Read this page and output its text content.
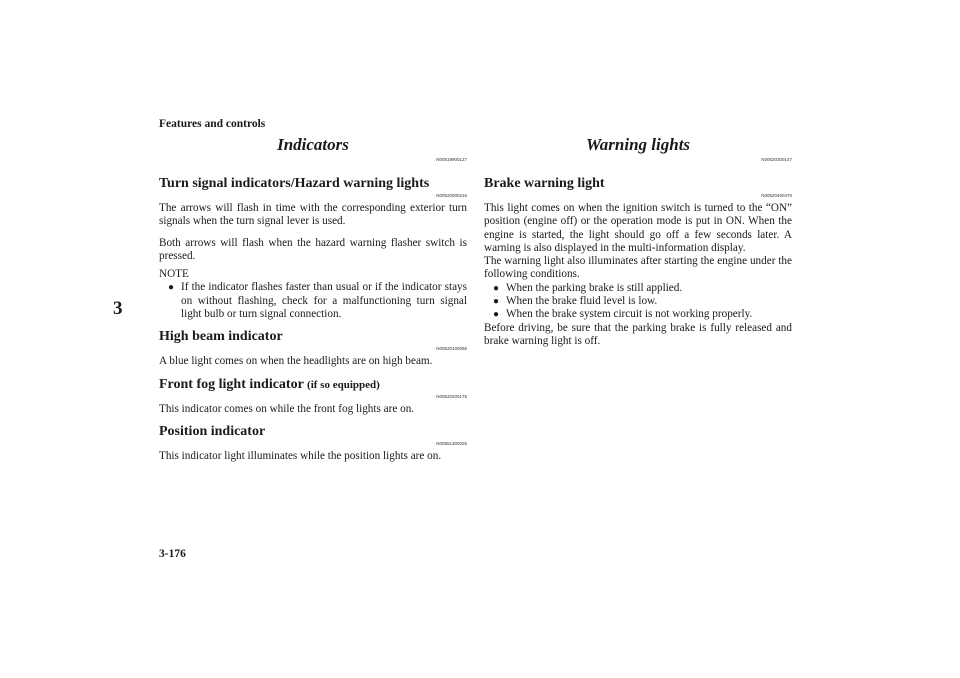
Features and controls
3
3-176
Indicators
N00519900127
Turn signal indicators/Hazard warning lights
N00520000216

The arrows will flash in time with the corresponding exterior turn signals when the turn signal lever is used.

Both arrows will flash when the hazard warning flasher switch is pressed.

NOTE
● If the indicator flashes faster than usual or if the indicator stays on without flashing, check for a malfunctioning turn signal light bulb or turn signal connection.
High beam indicator
N00520100086

A blue light comes on when the headlights are on high beam.

Front fog light indicator (if so equipped)
N00520200175

This indicator comes on while the front fog lights are on.

Position indicator
N00551300026

This indicator light illuminates while the position lights are on.

Warning lights
N00520300147
Brake warning light
N00520400470

This light comes on when the ignition switch is turned to the “ON” position (engine off) or the operation mode is put in ON. When the engine is started, the light should go off a few seconds later. A warning is also displayed in the multi-information display.

The warning light also illuminates after starting the engine under the following conditions.

● When the parking brake is still applied.
● When the brake fluid level is low.
● When the brake system circuit is not working properly.

Before driving, be sure that the parking brake is fully released and brake warning light is off.
